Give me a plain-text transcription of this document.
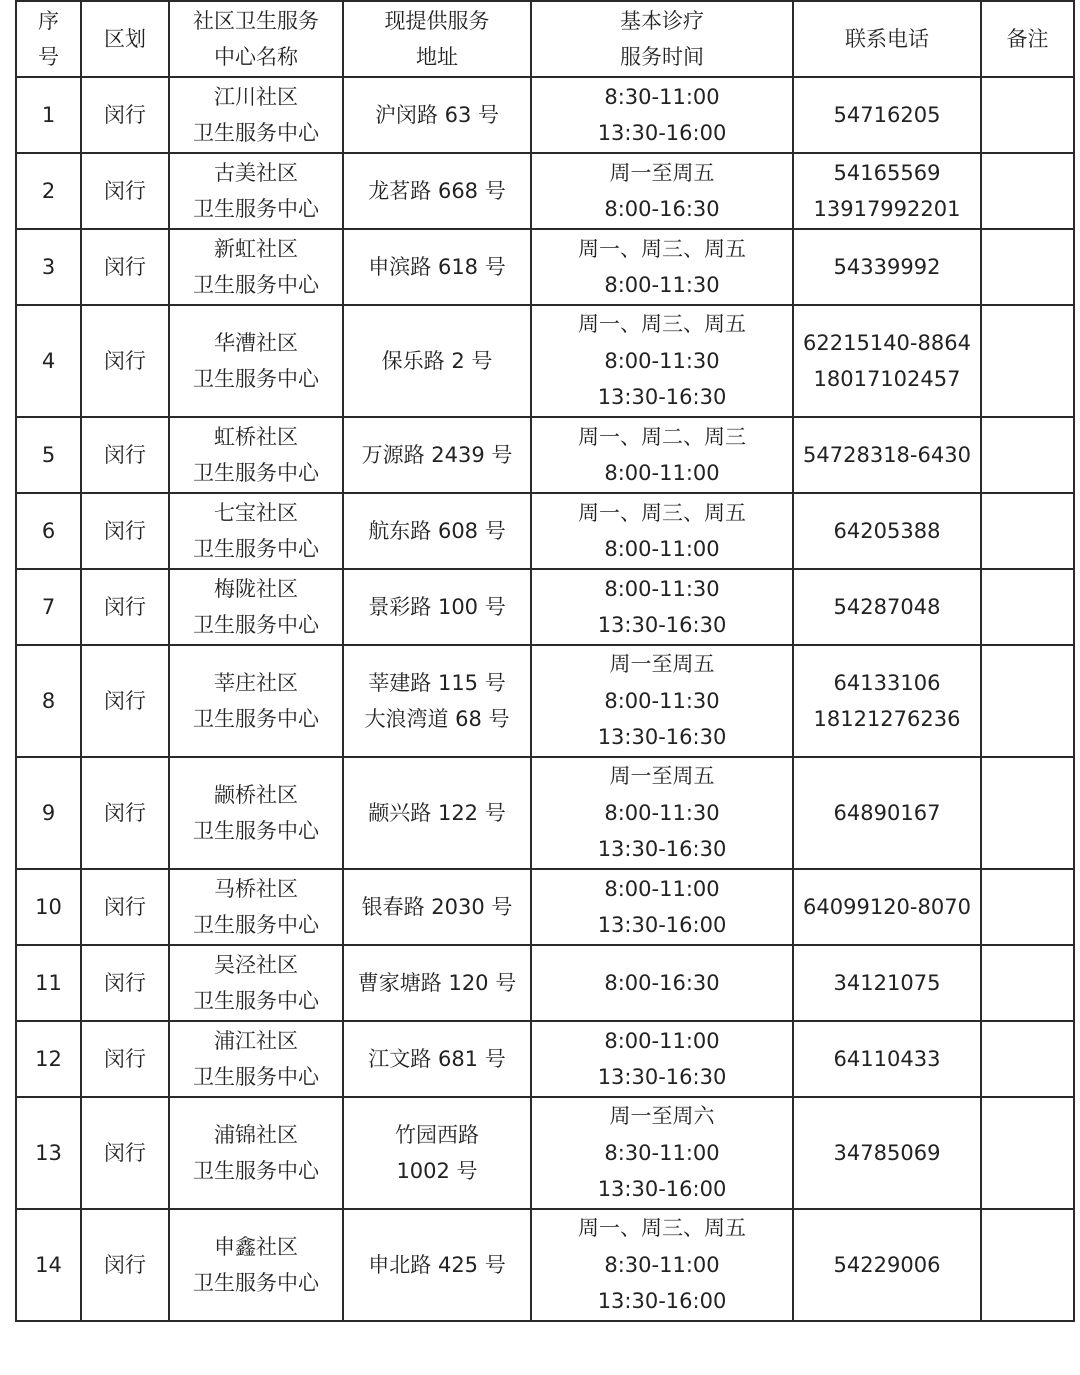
序
号	区划	社区卫生服务
中心名称	现提供服务
地址	基本诊疗
服务时间	联系电话	备注

1	闵行	江川社区
卫生服务中心	沪闵路 63 号	8:30-11:00
13:30-16:00	54716205	

2	闵行	古美社区
卫生服务中心	龙茗路 668 号	周一至周五
8:00-16:30	54165569
13917992201	

3	闵行	新虹社区
卫生服务中心	申滨路 618 号	周一、周三、周五
8:00-11:30	54339992	

4	闵行	华漕社区
卫生服务中心	保乐路 2 号	周一、周三、周五
8:00-11:30
13:30-16:30	62215140-8864
18017102457	

5	闵行	虹桥社区
卫生服务中心	万源路 2439 号	周一、周二、周三
8:00-11:00	54728318-6430	

6	闵行	七宝社区
卫生服务中心	航东路 608 号	周一、周三、周五
8:00-11:00	64205388	

7	闵行	梅陇社区
卫生服务中心	景彩路 100 号	8:00-11:30
13:30-16:30	54287048	

8	闵行	莘庄社区
卫生服务中心	莘建路 115 号
大浪湾道 68 号	周一至周五
8:00-11:30
13:30-16:30	64133106
18121276236	

9	闵行	颛桥社区
卫生服务中心	颛兴路 122 号	周一至周五
8:00-11:30
13:30-16:30	64890167	

10	闵行	马桥社区
卫生服务中心	银春路 2030 号	8:00-11:00
13:30-16:00	64099120-8070	

11	闵行	吴泾社区
卫生服务中心	曹家塘路 120 号	8:00-16:30	34121075	

12	闵行	浦江社区
卫生服务中心	江文路 681 号	8:00-11:00
13:30-16:30	64110433	

13	闵行	浦锦社区
卫生服务中心	竹园西路
1002 号	周一至周六
8:30-11:00
13:30-16:00	34785069	

14	闵行	申鑫社区
卫生服务中心	申北路 425 号	周一、周三、周五
8:30-11:00
13:30-16:00	54229006	
